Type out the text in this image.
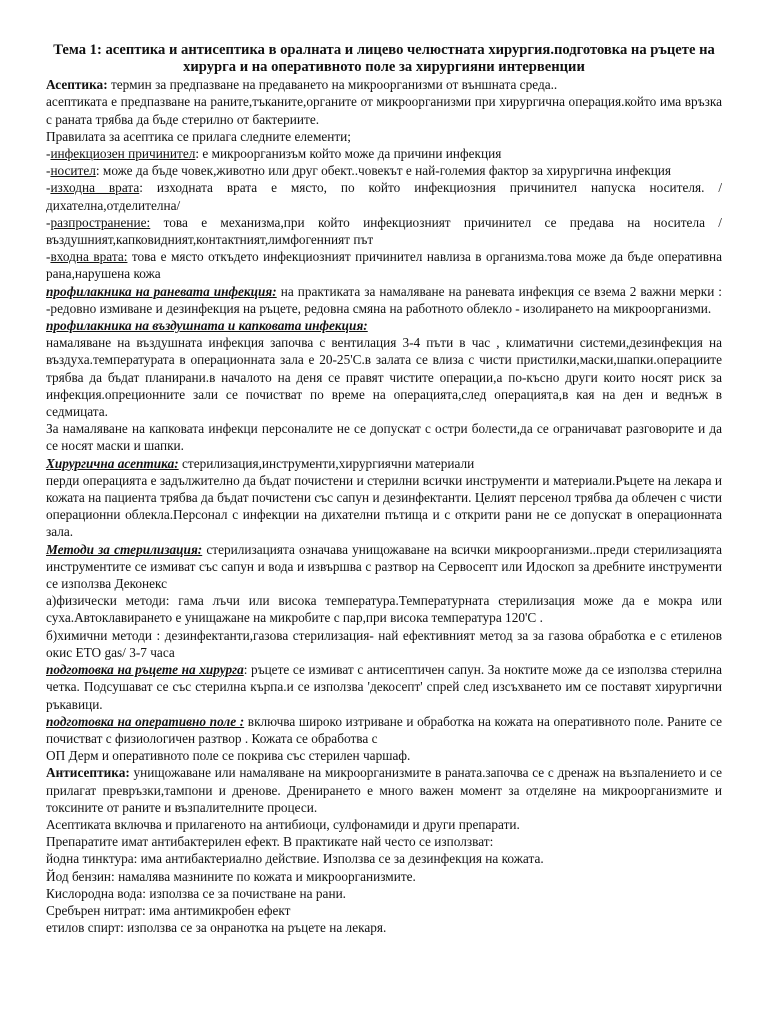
Тема 1: асептика и антисептика в оралната и лицево челюстната хирургия.подготовка на ръцете на хирурга и на оперативното поле за хирургияни интервенции

Асептика: термин за предпазване на предаването на микроорганизми от външната среда..

асептиката е предпазване на раните,тъканите,органите от микроорганизми при хирургична операция.който има връзка с раната трябва да бъде стерилно от бактериите.

Правилата за асептика се прилага следните елементи;

-инфекциозен причинител: е микроорганизъм който може да причини инфекция

-носител: може да бъде човек,животно или друг обект..човекът е най-големия фактор за хирургична инфекция

-изходна врата: изходната врата е място, по който инфекциозния причинител напуска носителя. / дихателна,отделителна/

-разпространение: това е механизма,при който инфекциозният причинител се предава на носитела / въздушният,капковидният,контактният,лимфогенният път

-входна врата: това е място откъдето инфекциозният причинител навлиза в организма.това може да бъде оперативна рана,нарушена кожа

профилакника на раневата инфекция: на практиката за намаляване на раневата инфекция се взема 2 важни мерки : -редовно измиване и дезинфекция на ръцете, редовна смяна на работното облекло - изолирането на микроорганизми.

профилакника на въздушната и капковата инфекция:

намаляване на въздушната инфекция започва с вентилация 3-4 пъти в час , климатични системи,дезинфекция на въздуха.температурата в операционната зала е 20-25'С.в залата се влиза с чисти пристилки,маски,шапки.операциите трябва да бъдат планирани.в началото на деня се правят чистите операции,а по-късно други които носят риск за инфекция.опреционните зали се почистват по време на операцията,след операцията,в кая на ден и веднъж в седмицата.

За намаляване на капковата инфекци персоналите не се допускат с остри болести,да се ограничават разговорите и да се носят маски и шапки.

Хирургична асептика: стерилизация,инструменти,хирургиячни материали

перди операцията е задължително да бъдат почистени и стерилни всички инструменти и материали.Ръцете на лекара и кожата на пациента трябва да бъдат почистени със сапун и дезинфектанти. Целият персенол трябва да облечен с чисти операционни облекла.Персонал с инфекции на дихателни пътища и с открити рани не се допускат в операционната зала.

Методи за стерилизация: стерилизацията означава унищожаване на всички микроорганизми..преди стерилизацията инструментите се измиват със сапун и вода и извършва с разтвор на Сервосепт или Идоскоп за дребните инструменти се използва Деконекс

а)физически методи: гама лъчи или висока температура.Температурната стерилизация може да е мокра или суха.Автоклавирането е унищажане на микробите с пар,при висока температура 120'С .

б)химични методи : дезинфектанти,газова стерилизация- най ефективният метод за за газова обработка е с етиленов окис ЕТО gas/ 3-7 часа

подготовка на ръцете на хирурга: ръцете се измиват с антисептичен сапун. За ноктите може да се използва стерилна четка. Подсушават се със стерилна кърпа.и се използва 'декосепт' спрей след изсъхването им се поставят хирургични ръкавици.

подготовка на оперативно поле : включва широко изтриване и обработка на кожата на оперативното поле. Раните се почистват с физиологичен разтвор . Кожата се обработва с

ОП Дерм и оперативното поле се покрива със стерилен чаршаф.

Антисептика: унищожаване или намаляване на микроорганизмите в раната.започва се с дренаж на възпалението и се прилагат превръзки,тампони и дренове. Дренирането е много важен момент за отделяне на микроорганизмите и токсините от раните и възпалителните процеси.

Асептиката включва и прилагеното на антибиоци, сулфонамиди и други препарати.

Препаратите имат антибактерилен ефект. В практикате най често се използват:

йодна тинктура: има антибактериално действие. Използва се за дезинфекция на кожата.

Йод бензин: намалява мазнините по кожата и микроорганизмите.

Кислородна вода: използва се за почистване на рани.

Сребърен нитрат: има антимикробен ефект

етилов спирт: използва се за онранотка на ръцете на лекаря.
